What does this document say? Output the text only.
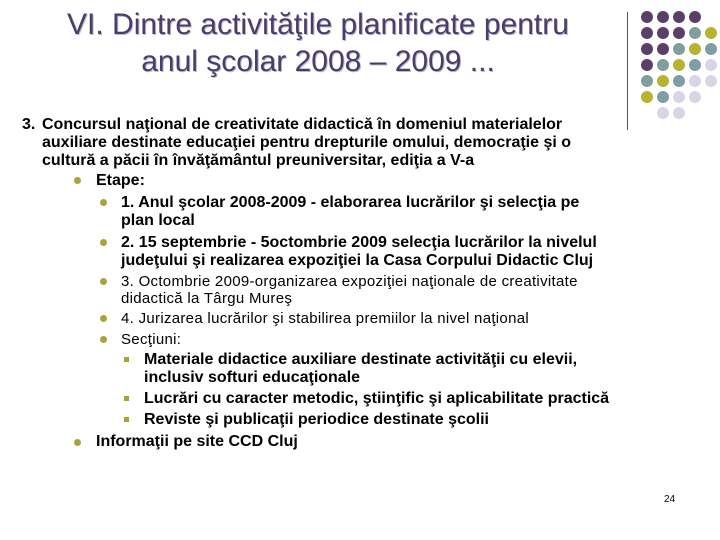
VI. Dintre activităţile planificate pentru
anul şcolar 2008 – 2009 ...
3. Concursul naţional de creativitate didactică în domeniul materialelor
auxiliare destinate educaţiei pentru drepturile omului, democraţie şi o
cultură a păcii în învăţământul preuniversitar, ediţia a V-a
Etape:
1. Anul şcolar 2008-2009 - elaborarea lucrărilor şi selecţia pe
plan local
2. 15 septembrie - 5octombrie 2009 selecţia lucrărilor la nivelul
judeţului şi realizarea expoziţiei la Casa Corpului Didactic Cluj
3. Octombrie 2009-organizarea expoziţiei naţionale de creativitate
didactică la Târgu Mureş
4. Jurizarea lucrărilor şi stabilirea premiilor la nivel naţional
Secţiuni:
Materiale didactice auxiliare destinate activităţii cu elevii,
inclusiv softuri educaţionale
Lucrări cu caracter metodic, ştiinţific şi aplicabilitate practică
Reviste şi publicaţii periodice destinate şcolii
Informaţii pe site CCD Cluj
24
